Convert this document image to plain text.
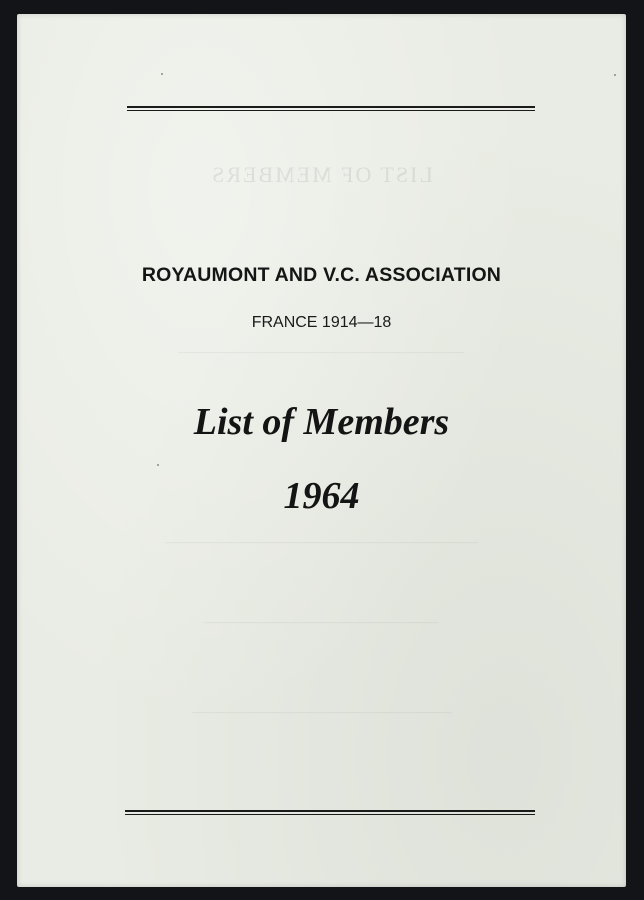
LIST OF MEMBERS
——————————————————————
————————————————————————
——————————————————
————————————————————
ROYAUMONT AND V.C. ASSOCIATION
FRANCE 1914—18
List of Members
1964
